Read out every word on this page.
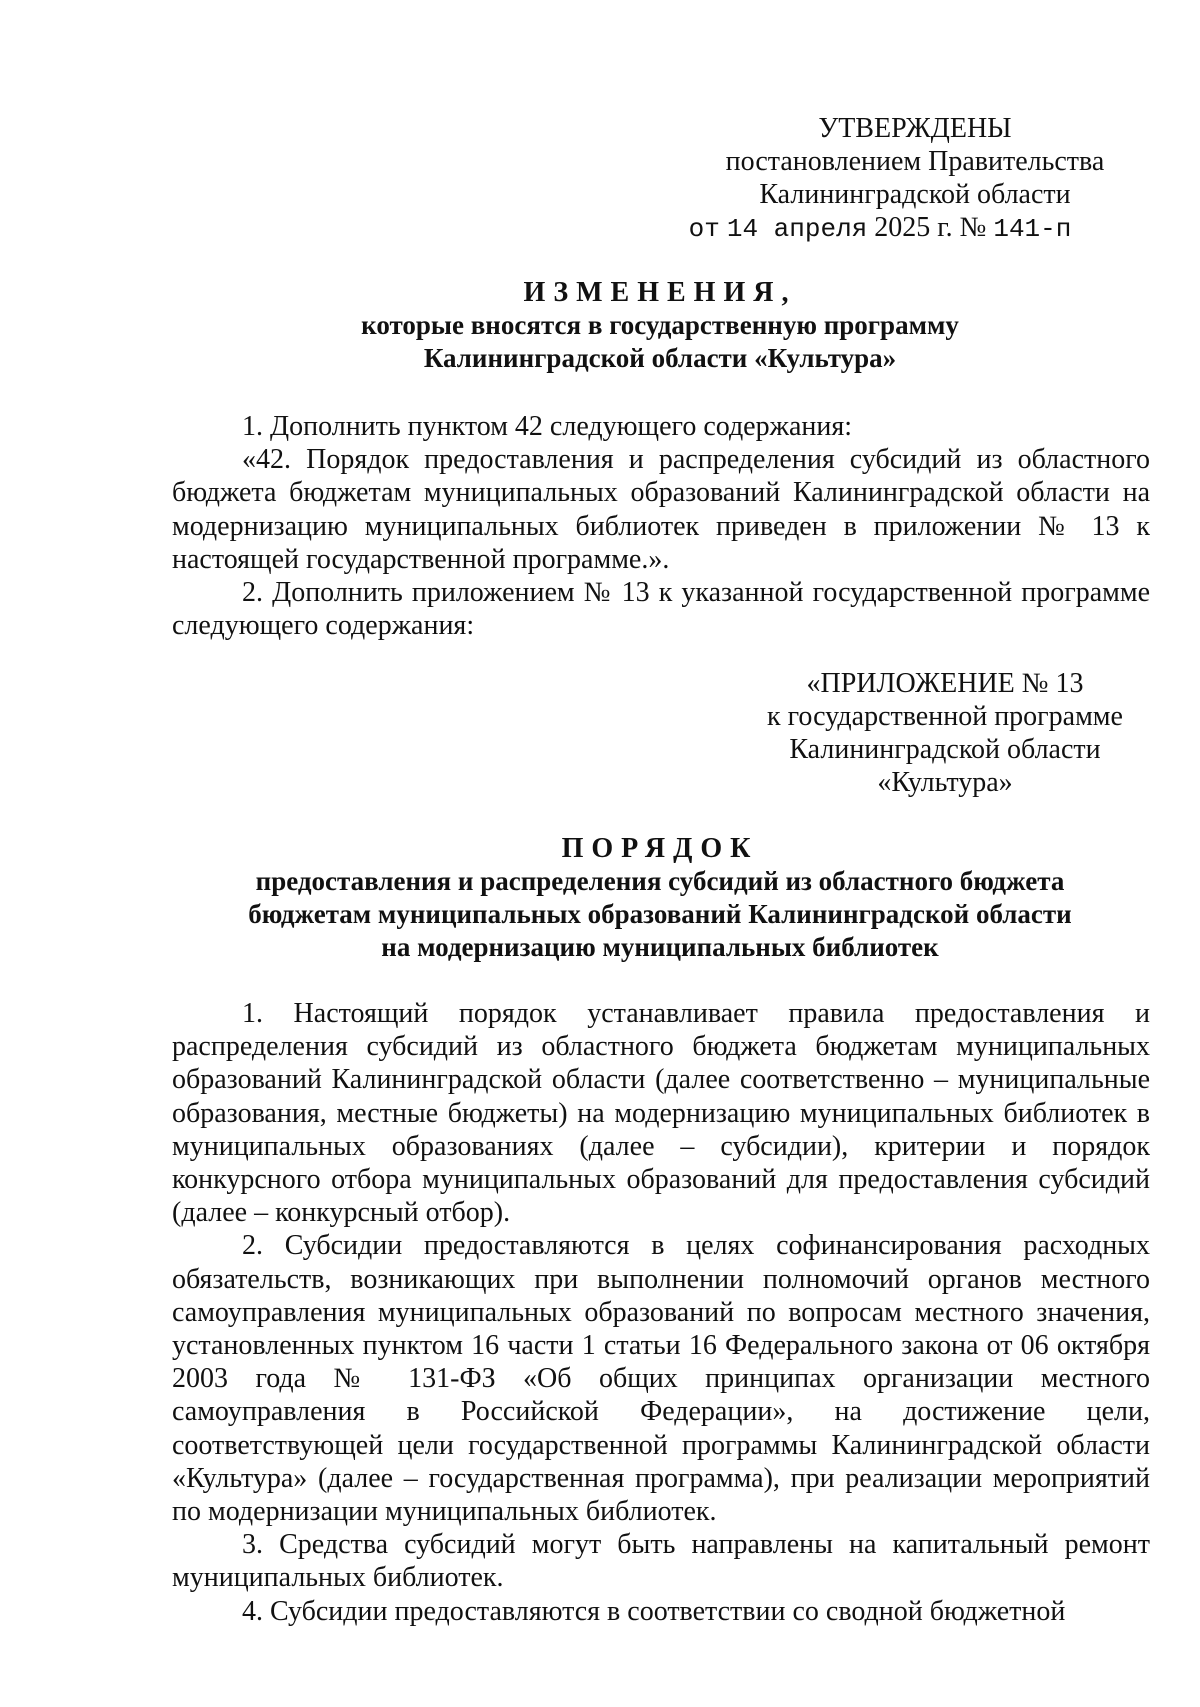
УТВЕРЖДЕНЫ
постановлением Правительства
Калининградской области
от 14 апреля 2025 г. № 141-п
ИЗМЕНЕНИЯ,
которые вносятся в государственную программу
Калининградской области «Культура»

1. Дополнить пунктом 42 следующего содержания:

«42. Порядок предоставления и распределения субсидий из областного бюджета бюджетам муниципальных образований Калининградской области на модернизацию муниципальных библиотек приведен в приложении № 13 к настоящей государственной программе.».

2. Дополнить приложением № 13 к указанной государственной программе следующего содержания:

«ПРИЛОЖЕНИЕ № 13
к государственной программе
Калининградской области
«Культура»
ПОРЯДОК
предоставления и распределения субсидий из областного бюджета
бюджетам муниципальных образований Калининградской области
на модернизацию муниципальных библиотек

1. Настоящий порядок устанавливает правила предоставления и распределения субсидий из областного бюджета бюджетам муниципальных образований Калининградской области (далее соответственно – муниципальные образования, местные бюджеты) на модернизацию муниципальных библиотек в муниципальных образованиях (далее – субсидии), критерии и порядок конкурсного отбора муниципальных образований для предоставления субсидий (далее – конкурсный отбор).

2. Субсидии предоставляются в целях софинансирования расходных обязательств, возникающих при выполнении полномочий органов местного самоуправления муниципальных образований по вопросам местного значения, установленных пунктом 16 части 1 статьи 16 Федерального закона от 06 октября 2003 года № 131-ФЗ «Об общих принципах организации местного самоуправления в Российской Федерации», на достижение цели, соответствующей цели государственной программы Калининградской области «Культура» (далее – государственная программа), при реализации мероприятий по модернизации муниципальных библиотек.

3. Средства субсидий могут быть направлены на капитальный ремонт муниципальных библиотек.

4. Субсидии предоставляются в соответствии со сводной бюджетной
